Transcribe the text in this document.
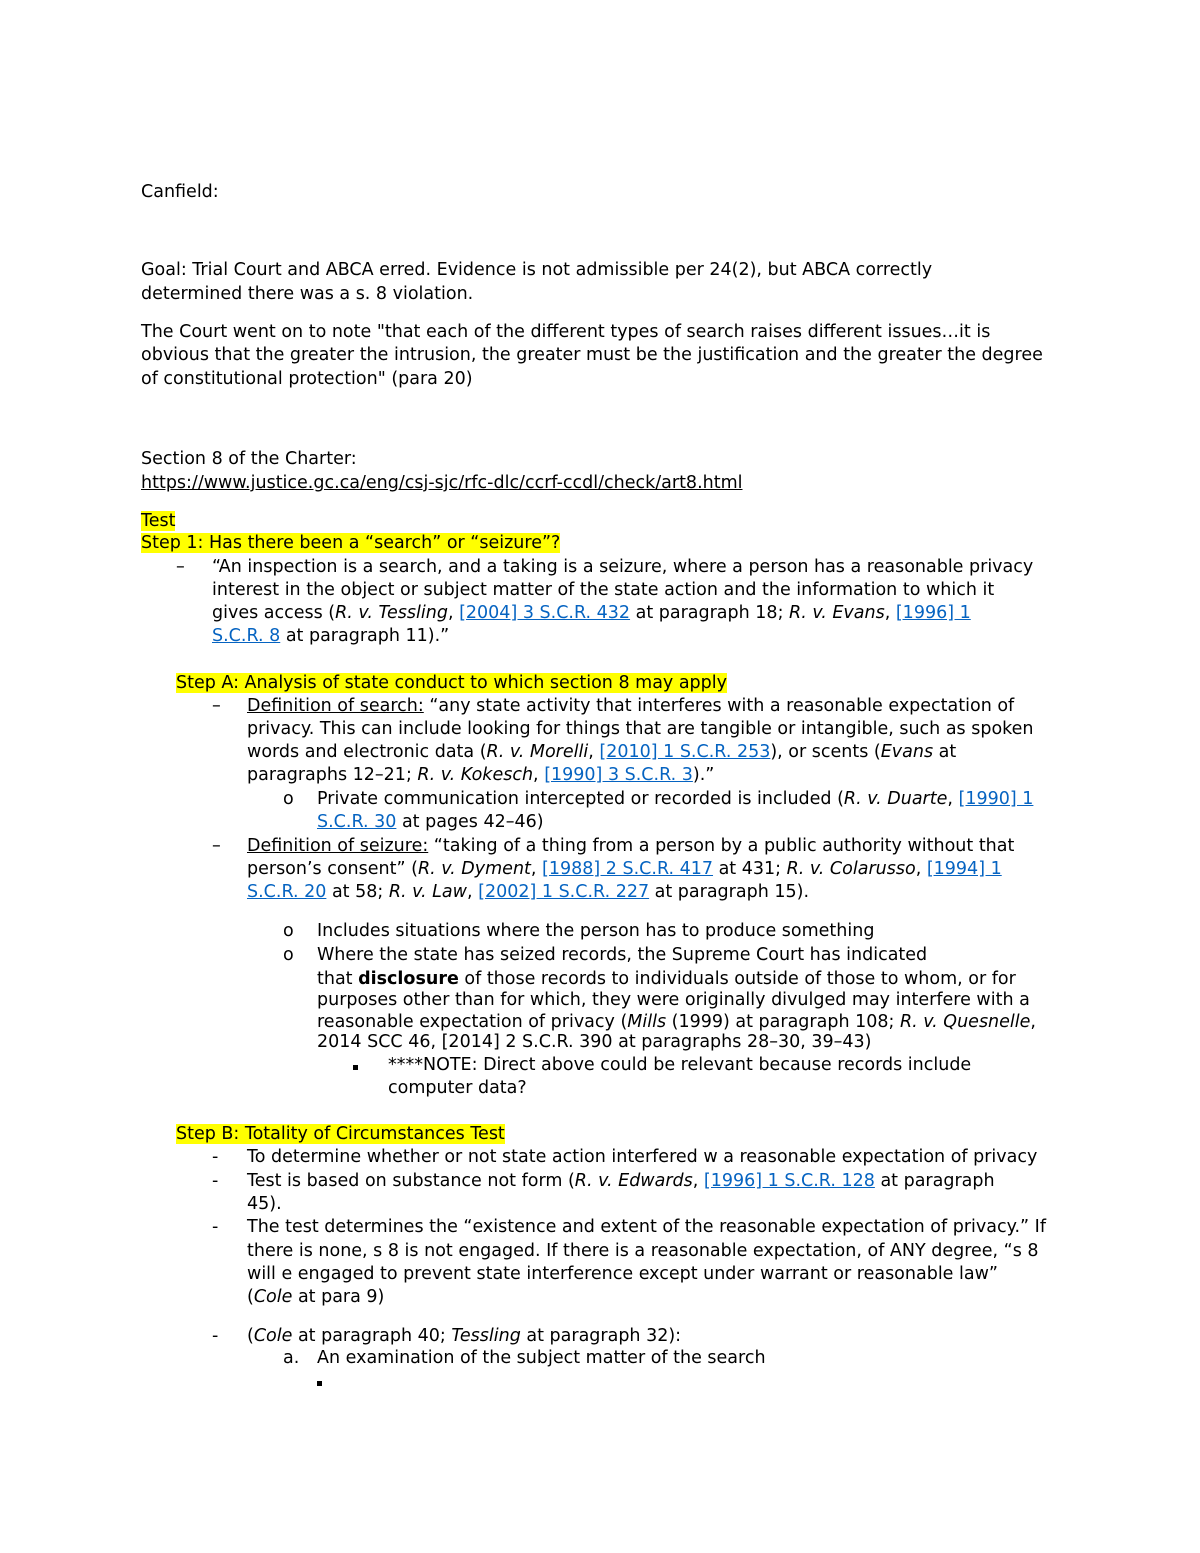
Canfield:
Goal: Trial Court and ABCA erred. Evidence is not admissible per 24(2), but ABCA correctly
determined there was a s. 8 violation.
The Court went on to note "that each of the different types of search raises different issues…it is
obvious that the greater the intrusion, the greater must be the justification and the greater the degree
of constitutional protection" (para 20)
Section 8 of the Charter:
https://www.justice.gc.ca/eng/csj-sjc/rfc-dlc/ccrf-ccdl/check/art8.html
Test
Step 1: Has there been a “search” or “seizure”?
– “An inspection is a search, and a taking is a seizure, where a person has a reasonable privacy
interest in the object or subject matter of the state action and the information to which it
gives access (R. v. Tessling, [2004] 3 S.C.R. 432 at paragraph 18; R. v. Evans, [1996] 1
S.C.R. 8 at paragraph 11).”
Step A: Analysis of state conduct to which section 8 may apply
– Definition of search: “any state activity that interferes with a reasonable expectation of
privacy. This can include looking for things that are tangible or intangible, such as spoken
words and electronic data (R. v. Morelli, [2010] 1 S.C.R. 253), or scents (Evans at
paragraphs 12–21; R. v. Kokesch, [1990] 3 S.C.R. 3).”
o Private communication intercepted or recorded is included (R. v. Duarte, [1990] 1
S.C.R. 30 at pages 42–46)
– Definition of seizure: “taking of a thing from a person by a public authority without that
person’s consent” (R. v. Dyment, [1988] 2 S.C.R. 417 at 431; R. v. Colarusso, [1994] 1
S.C.R. 20 at 58; R. v. Law, [2002] 1 S.C.R. 227 at paragraph 15).
o Includes situations where the person has to produce something
o Where the state has seized records, the Supreme Court has indicated
that disclosure of those records to individuals outside of those to whom, or for
purposes other than for which, they were originally divulged may interfere with a
reasonable expectation of privacy (Mills (1999) at paragraph 108; R. v. Quesnelle,
2014 SCC 46, [2014] 2 S.C.R. 390 at paragraphs 28–30, 39–43)
****NOTE: Direct above could be relevant because records include
computer data?
Step B: Totality of Circumstances Test
- To determine whether or not state action interfered w a reasonable expectation of privacy
- Test is based on substance not form (R. v. Edwards, [1996] 1 S.C.R. 128 at paragraph
45).
- The test determines the “existence and extent of the reasonable expectation of privacy.” If
there is none, s 8 is not engaged. If there is a reasonable expectation, of ANY degree, “s 8
will e engaged to prevent state interference except under warrant or reasonable law”
(Cole at para 9)
- (Cole at paragraph 40; Tessling at paragraph 32):
a. An examination of the subject matter of the search
